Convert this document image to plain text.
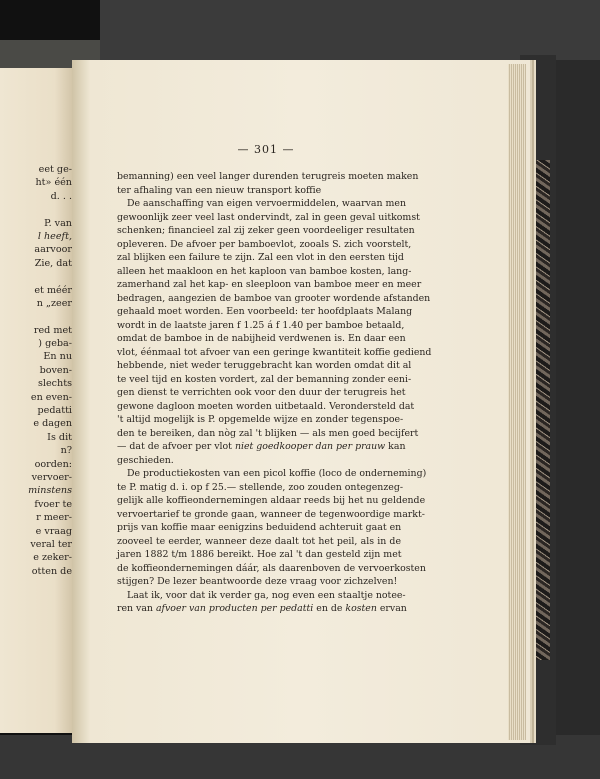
eet ge-
ht» één
d. . .
P. van
l heeft,
aarvoor
Zie, dat
et méér
n „zeer
red met
) geba-
En nu
boven-
slechts
en even-
pedatti
e dagen
Is dit
n?
oorden:
vervoer-
minstens
fvoer te
r meer-
e vraag
veral ter
e zeker-
otten de
— 301 —
bemanning) een veel langer durenden terugreis moeten maken
ter afhaling van een nieuw transport koffie
De aanschaffing van eigen vervoermiddelen, waarvan men
gewoonlijk zeer veel last ondervindt, zal in geen geval uitkomst
schenken; financieel zal zij zeker geen voordeeliger resultaten
opleveren. De afvoer per bamboevlot, zooals S. zich voorstelt,
zal blijken een failure te zijn. Zal een vlot in den eersten tijd
alleen het maakloon en het kaploon van bamboe kosten, lang-
zamerhand zal het kap- en sleeploon van bamboe meer en meer
bedragen, aangezien de bamboe van grooter wordende afstanden
gehaald moet worden. Een voorbeeld: ter hoofdplaats Malang
wordt in de laatste jaren f 1.25 á f 1.40 per bamboe betaald,
omdat de bamboe in de nabijheid verdwenen is. En daar een
vlot, éénmaal tot afvoer van een geringe kwantiteit koffie gediend
hebbende, niet weder teruggebracht kan worden omdat dit al
te veel tijd en kosten vordert, zal der bemanning zonder eeni-
gen dienst te verrichten ook voor den duur der terugreis het
gewone dagloon moeten worden uitbetaald. Verondersteld dat
't altijd mogelijk is P. opgemelde wijze en zonder tegenspoe-
den te bereiken, dan nòg zal 't blijken — als men goed becijfert
— dat de afvoer per vlot niet goedkooper dan per prauw kan
geschieden.
De productiekosten van een picol koffie (loco de onderneming)
te P. matig d. i. op f 25.— stellende, zoo zouden ontegenzeg-
gelijk alle koffieondernemingen aldaar reeds bij het nu geldende
vervoertarief te gronde gaan, wanneer de tegenwoordige markt-
prijs van koffie maar eenigzins beduidend achteruit gaat en
zooveel te eerder, wanneer deze daalt tot het peil, als in de
jaren 1882 t/m 1886 bereikt. Hoe zal 't dan gesteld zijn met
de koffieondernemingen dáár, als daarenboven de vervoerkosten
stijgen? De lezer beantwoorde deze vraag voor zichzelven!
Laat ik, voor dat ik verder ga, nog even een staaltje notee-
ren van afvoer van producten per pedatti en de kosten ervan
